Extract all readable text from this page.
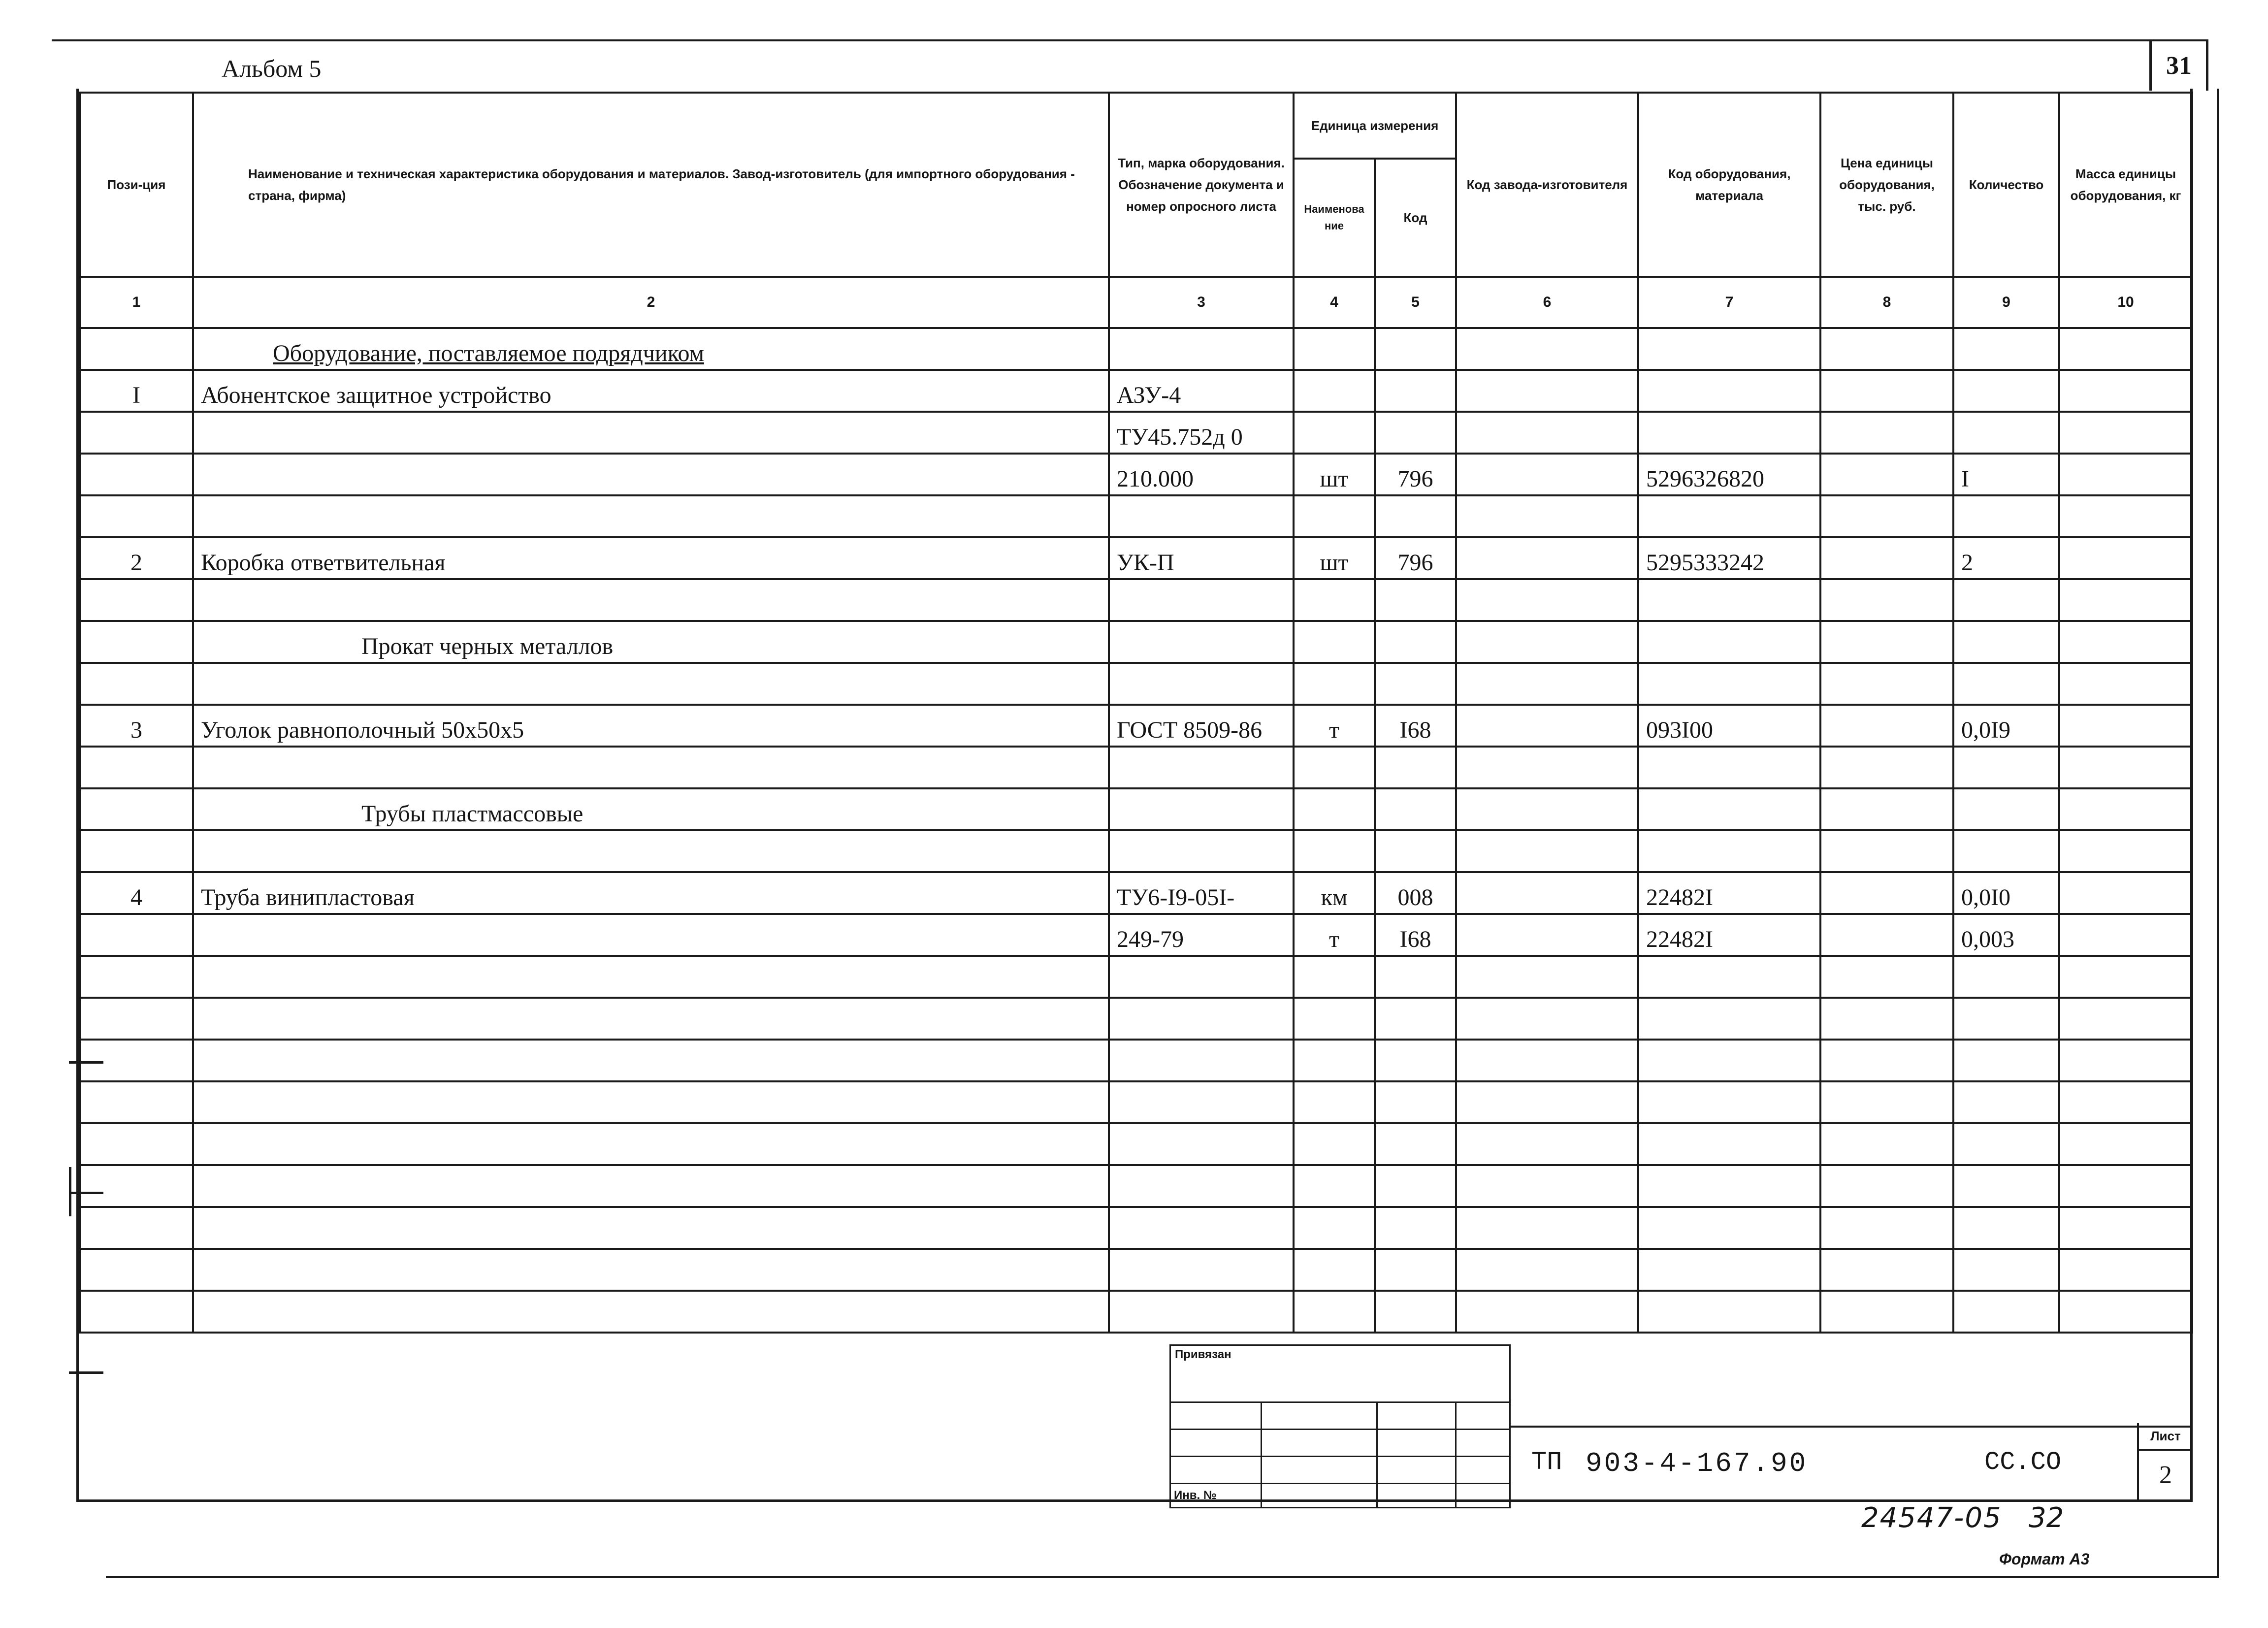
Альбом 5	31
Пози-ция	Наименование и техническая характеристика оборудования и материалов. Завод-изготовитель (для импортного оборудования - страна, фирма)	Тип, марка оборудования. Обозначение документа и номер опросного листа	Единица измерения		Код завода-изготовителя	Код оборудования, материала	Цена единицы оборудования, тыс. руб.	Количество	Масса единицы оборудования, кг
			Наименование	Код					
1	2	3	4	5	6	7	8	9	10
	Оборудование, поставляемое подрядчиком								
I	Абонентское защитное устройство	АЗУ-4							
		ТУ45.752д 0							
		210.000	шт	796		5296326820		I	

2	Коробка ответвительная	УК-П	шт	796		5295333242		2	

	Прокат черных металлов								

3	Уголок равнополочный 50х50х5	ГОСТ 8509-86	т	I68		093I00		0,0I9	

	Трубы пластмассовые								

4	Труба винипластовая	ТУ6-I9-05I-	км	008		22482I		0,0I0	
		249-79	т	I68		22482I		0,003	

Привязан			

Инв. №			
ТП 903-4-167.90	СС.СО
Лист
2
24547-05 32
Формат А3
